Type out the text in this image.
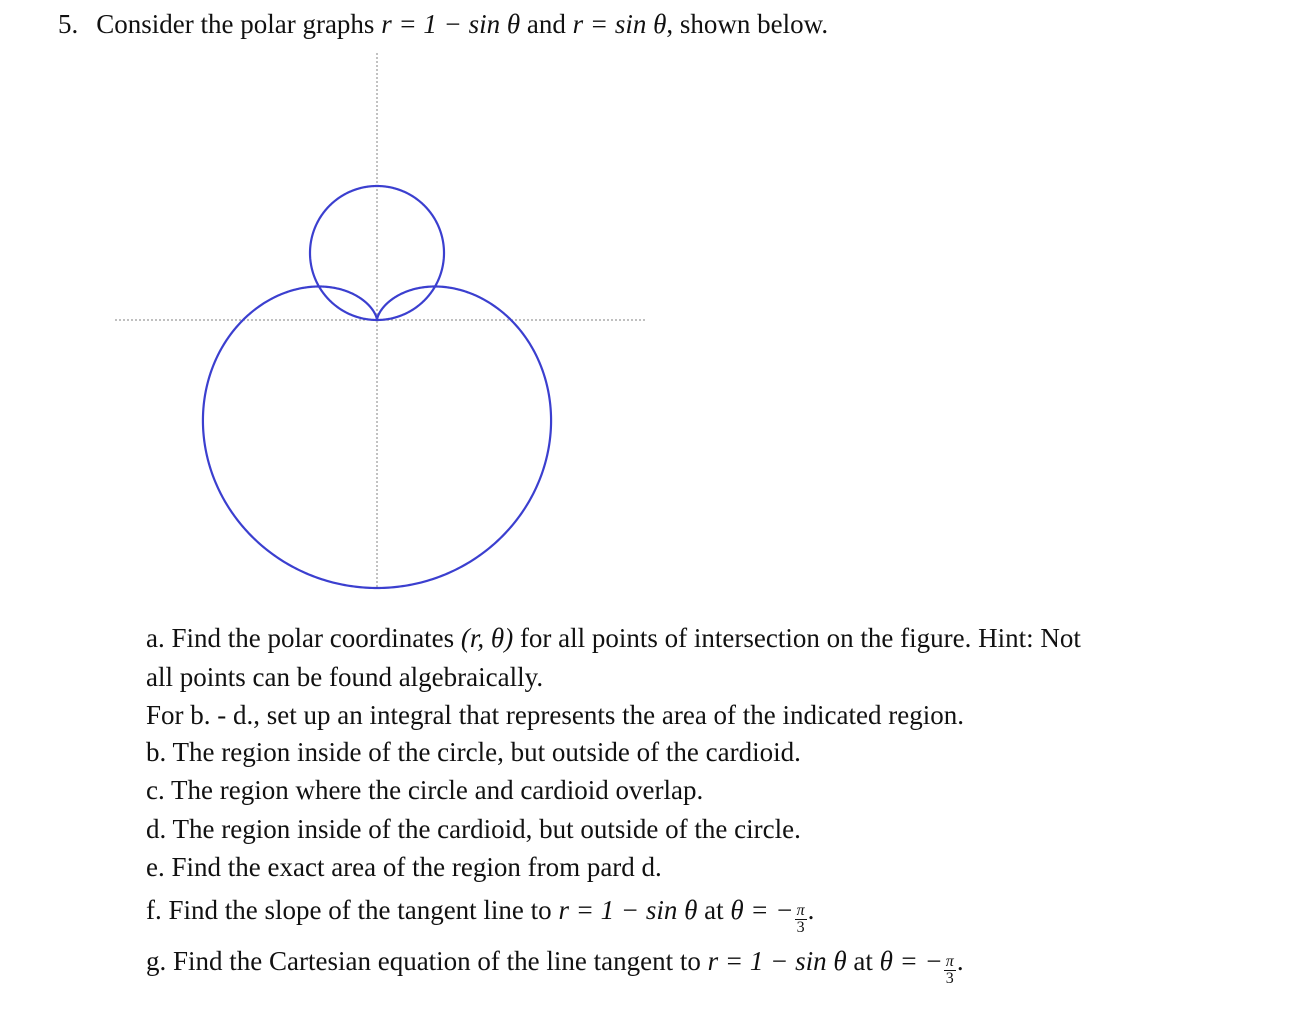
5. Consider the polar graphs r = 1 − sin θ and r = sin θ, shown below.
a. Find the polar coordinates (r, θ) for all points of intersection on the figure. Hint: Not
all points can be found algebraically.
For b. - d., set up an integral that represents the area of the indicated region.
b. The region inside of the circle, but outside of the cardioid.
c. The region where the circle and cardioid overlap.
d. The region inside of the cardioid, but outside of the circle.
e. Find the exact area of the region from pard d.
f. Find the slope of the tangent line to r = 1 − sin θ at θ = − $\frac{\pi}{3}$ .
g. Find the Cartesian equation of the line tangent to r = 1 − sin θ at θ = − $\frac{\pi}{3}$ .
